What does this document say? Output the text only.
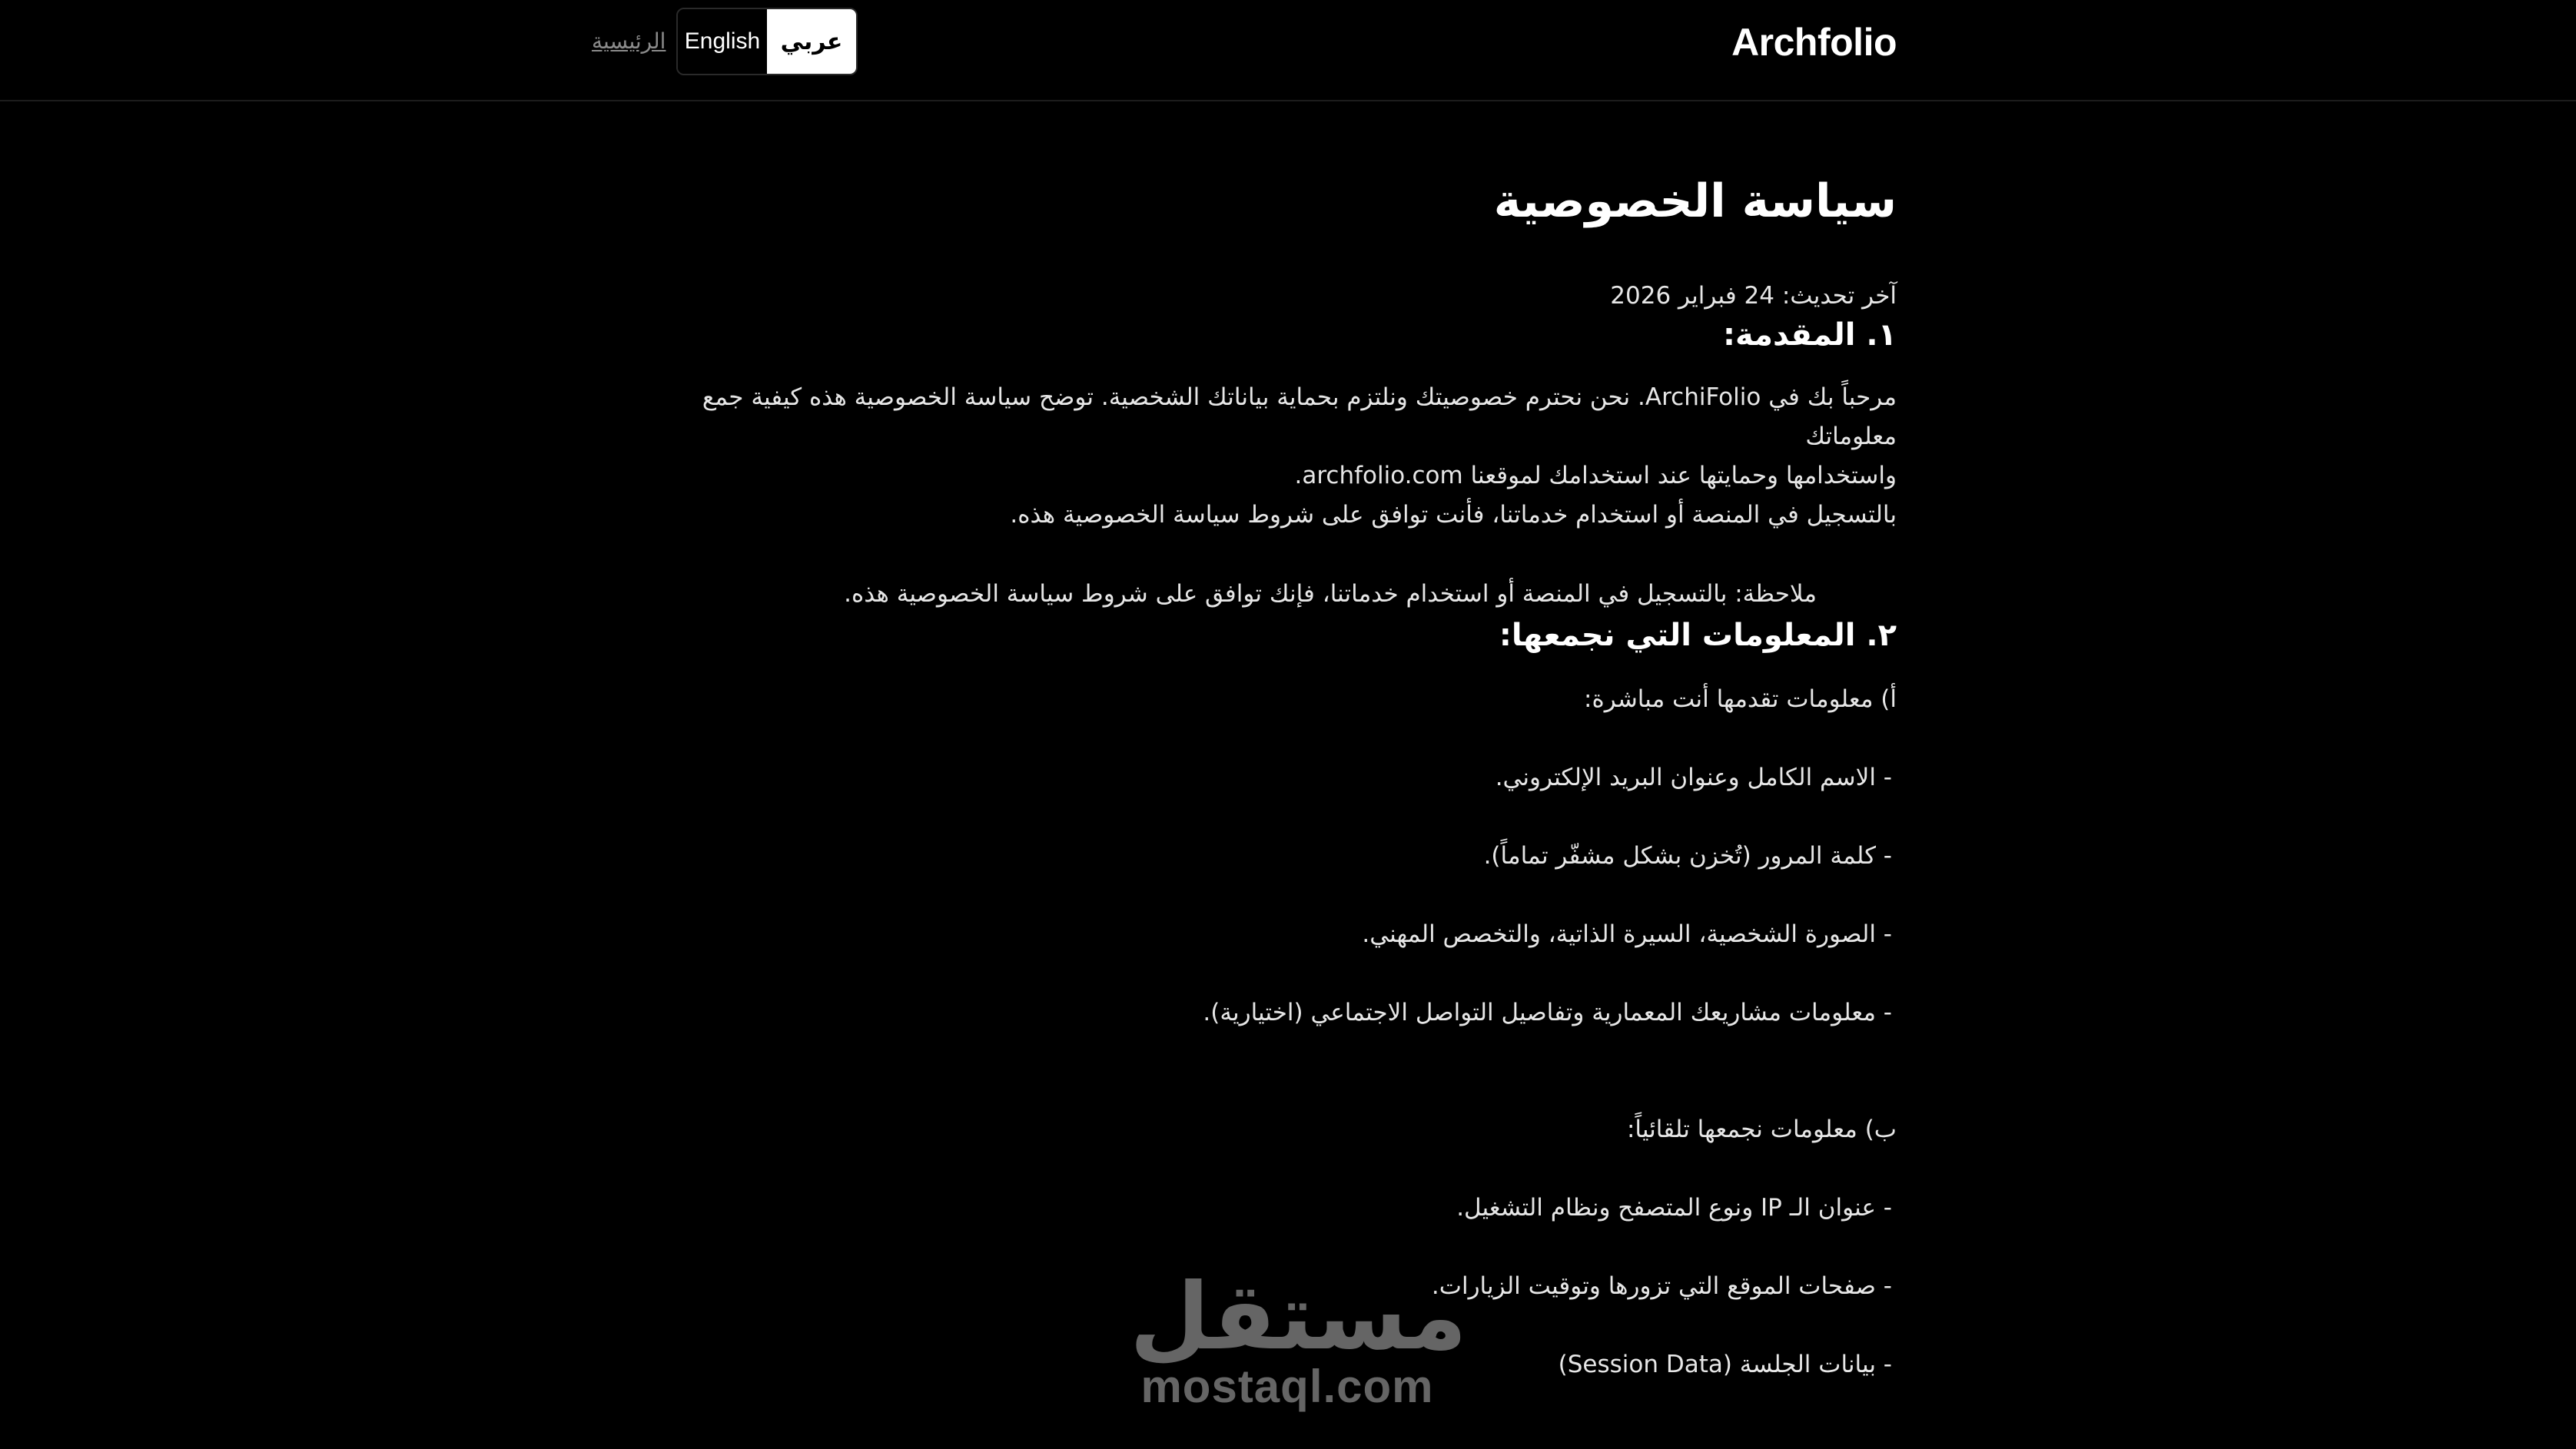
الرئيسية English عربي	Archfolio
سياسة الخصوصية
آخر تحديث: 24 فبراير 2026
١. المقدمة:
مرحباً بك في ArchiFolio. نحن نحترم خصوصيتك ونلتزم بحماية بياناتك الشخصية. توضح سياسة الخصوصية هذه كيفية جمع معلوماتك
واستخدامها وحمايتها عند استخدامك لموقعنا archfolio.com.
بالتسجيل في المنصة أو استخدام خدماتنا، فأنت توافق على شروط سياسة الخصوصية هذه.
ملاحظة: بالتسجيل في المنصة أو استخدام خدماتنا، فإنك توافق على شروط سياسة الخصوصية هذه.
٢. المعلومات التي نجمعها:
أ) معلومات تقدمها أنت مباشرة:
- الاسم الكامل وعنوان البريد الإلكتروني.
- كلمة المرور (تُخزن بشكل مشفّر تماماً).
- الصورة الشخصية، السيرة الذاتية، والتخصص المهني.
- معلومات مشاريعك المعمارية وتفاصيل التواصل الاجتماعي (اختيارية).
ب) معلومات نجمعها تلقائياً:
- عنوان الـ IP ونوع المتصفح ونظام التشغيل.
- صفحات الموقع التي تزورها وتوقيت الزيارات.
- بيانات الجلسة (Session Data)
مستقل
mostaql.com
